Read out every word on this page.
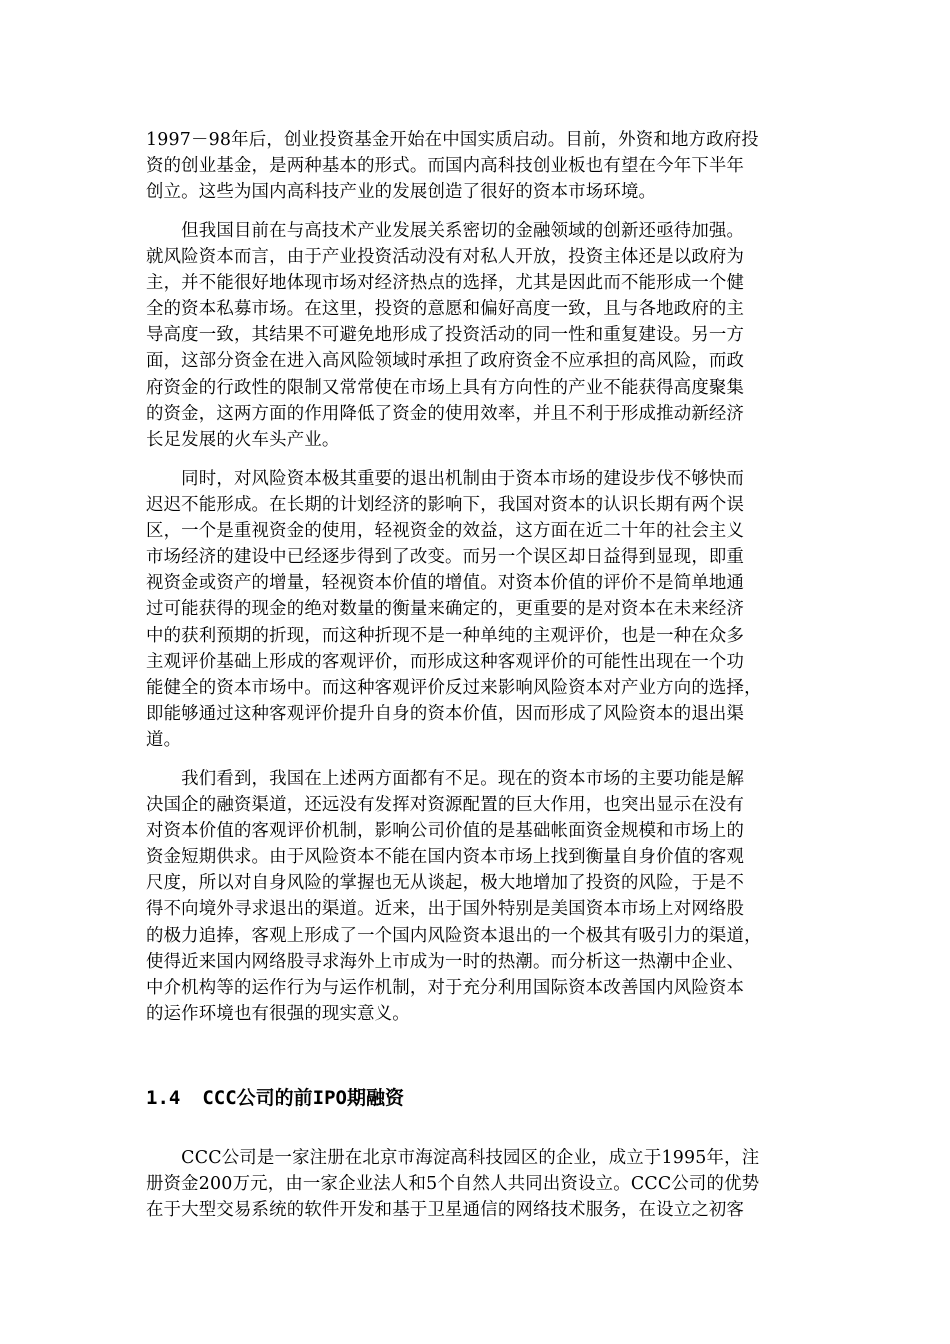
1997－98年后，创业投资基金开始在中国实质启动。目前，外资和地方政府投
资的创业基金，是两种基本的形式。而国内高科技创业板也有望在今年下半年
创立。这些为国内高科技产业的发展创造了很好的资本市场环境。
　　但我国目前在与高技术产业发展关系密切的金融领域的创新还亟待加强。
就风险资本而言，由于产业投资活动没有对私人开放，投资主体还是以政府为
主，并不能很好地体现市场对经济热点的选择，尤其是因此而不能形成一个健
全的资本私募市场。在这里，投资的意愿和偏好高度一致，且与各地政府的主
导高度一致，其结果不可避免地形成了投资活动的同一性和重复建设。另一方
面，这部分资金在进入高风险领域时承担了政府资金不应承担的高风险，而政
府资金的行政性的限制又常常使在市场上具有方向性的产业不能获得高度聚集
的资金，这两方面的作用降低了资金的使用效率，并且不利于形成推动新经济
长足发展的火车头产业。
　　同时，对风险资本极其重要的退出机制由于资本市场的建设步伐不够快而
迟迟不能形成。在长期的计划经济的影响下，我国对资本的认识长期有两个误
区，一个是重视资金的使用，轻视资金的效益，这方面在近二十年的社会主义
市场经济的建设中已经逐步得到了改变。而另一个误区却日益得到显现，即重
视资金或资产的增量，轻视资本价值的增值。对资本价值的评价不是简单地通
过可能获得的现金的绝对数量的衡量来确定的，更重要的是对资本在未来经济
中的获利预期的折现，而这种折现不是一种单纯的主观评价，也是一种在众多
主观评价基础上形成的客观评价，而形成这种客观评价的可能性出现在一个功
能健全的资本市场中。而这种客观评价反过来影响风险资本对产业方向的选择，
即能够通过这种客观评价提升自身的资本价值，因而形成了风险资本的退出渠
道。
　　我们看到，我国在上述两方面都有不足。现在的资本市场的主要功能是解
决国企的融资渠道，还远没有发挥对资源配置的巨大作用，也突出显示在没有
对资本价值的客观评价机制，影响公司价值的是基础帐面资金规模和市场上的
资金短期供求。由于风险资本不能在国内资本市场上找到衡量自身价值的客观
尺度，所以对自身风险的掌握也无从谈起，极大地增加了投资的风险，于是不
得不向境外寻求退出的渠道。近来，出于国外特别是美国资本市场上对网络股
的极力追捧，客观上形成了一个国内风险资本退出的一个极其有吸引力的渠道，
使得近来国内网络股寻求海外上市成为一时的热潮。而分析这一热潮中企业、
中介机构等的运作行为与运作机制，对于充分利用国际资本改善国内风险资本
的运作环境也有很强的现实意义。
1.4 CCC公司的前IPO期融资
　　CCC公司是一家注册在北京市海淀高科技园区的企业，成立于1995年，注
册资金200万元，由一家企业法人和5个自然人共同出资设立。CCC公司的优势
在于大型交易系统的软件开发和基于卫星通信的网络技术服务，在设立之初客
